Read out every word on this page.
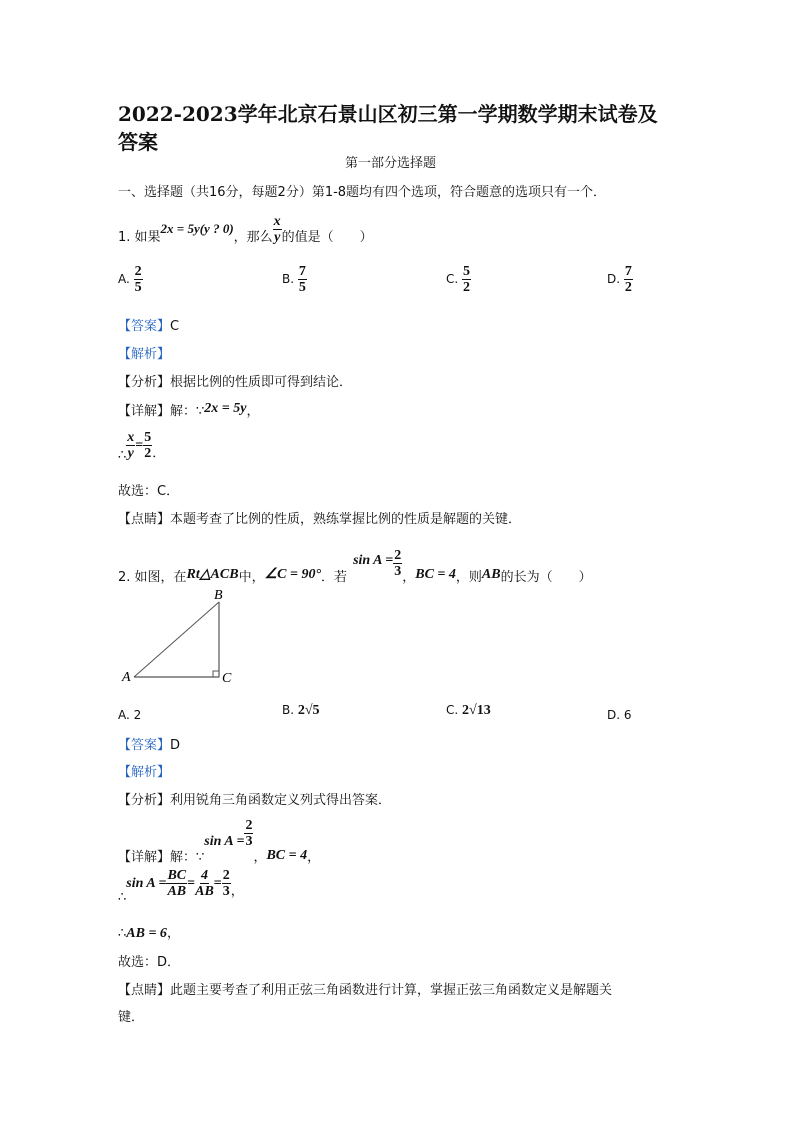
2022-2023学年北京石景山区初三第一学期数学期末试卷及
答案
第一部分选择题
一、选择题（共16分，每题2分）第1-8题均有四个选项，符合题意的选项只有一个．
1. 如果2x = 5y(y ? 0)，那么 $\frac{x}{y}$ 的值是（　　）
A. $\frac{2}{5}$	B. $\frac{7}{5}$	C. $\frac{5}{2}$	D. $\frac{7}{2}$
【答案】C
【解析】
【分析】根据比例的性质即可得到结论．
【详解】解：∵2x = 5y，
∴ $\frac{x}{y} = \frac{5}{2}$ ．
故选：C．
【点睛】本题考查了比例的性质，熟练掌握比例的性质是解题的关键．
2. 如图，在Rt△ACB中，∠C = 90°．若$\sin A = \frac{2}{3}$ ，BC = 4，则AB的长为（　　）
B
A	C
A. 2	B. 2√5	C. 2√13	D. 6
【答案】D
【解析】
【分析】利用锐角三角函数定义列式得出答案．
【详解】解：∵sin $A = \frac{2}{3}$
，BC = 4，
∴sin $A = \frac{BC}{AB} = \frac{4}{AB} = \frac{2}{3}$ ，
∴AB = 6，
故选：D．
【点睛】此题主要考查了利用正弦三角函数进行计算，掌握正弦三角函数定义是解题关
键．
